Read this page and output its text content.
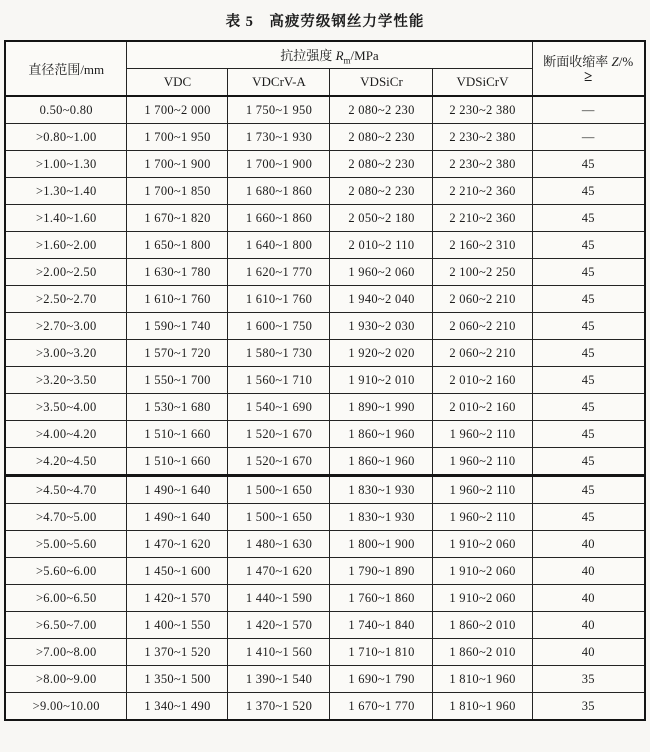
表 5　高疲劳级钢丝力学性能
直径范围/mm	抗拉强度 $R_m$/MPa				断面收缩率 Z/%
≥

	VDC	VDCrV-A	VDSiCr	VDSiCrV	
0.50~0.80	1 700~2 000	1 750~1 950	2 080~2 230	2 230~2 380	—
>0.80~1.00	1 700~1 950	1 730~1 930	2 080~2 230	2 230~2 380	—
>1.00~1.30	1 700~1 900	1 700~1 900	2 080~2 230	2 230~2 380	45
>1.30~1.40	1 700~1 850	1 680~1 860	2 080~2 230	2 210~2 360	45
>1.40~1.60	1 670~1 820	1 660~1 860	2 050~2 180	2 210~2 360	45
>1.60~2.00	1 650~1 800	1 640~1 800	2 010~2 110	2 160~2 310	45
>2.00~2.50	1 630~1 780	1 620~1 770	1 960~2 060	2 100~2 250	45
>2.50~2.70	1 610~1 760	1 610~1 760	1 940~2 040	2 060~2 210	45
>2.70~3.00	1 590~1 740	1 600~1 750	1 930~2 030	2 060~2 210	45
>3.00~3.20	1 570~1 720	1 580~1 730	1 920~2 020	2 060~2 210	45
>3.20~3.50	1 550~1 700	1 560~1 710	1 910~2 010	2 010~2 160	45
>3.50~4.00	1 530~1 680	1 540~1 690	1 890~1 990	2 010~2 160	45
>4.00~4.20	1 510~1 660	1 520~1 670	1 860~1 960	1 960~2 110	45
>4.20~4.50	1 510~1 660	1 520~1 670	1 860~1 960	1 960~2 110	45
>4.50~4.70	1 490~1 640	1 500~1 650	1 830~1 930	1 960~2 110	45
>4.70~5.00	1 490~1 640	1 500~1 650	1 830~1 930	1 960~2 110	45
>5.00~5.60	1 470~1 620	1 480~1 630	1 800~1 900	1 910~2 060	40
>5.60~6.00	1 450~1 600	1 470~1 620	1 790~1 890	1 910~2 060	40
>6.00~6.50	1 420~1 570	1 440~1 590	1 760~1 860	1 910~2 060	40
>6.50~7.00	1 400~1 550	1 420~1 570	1 740~1 840	1 860~2 010	40
>7.00~8.00	1 370~1 520	1 410~1 560	1 710~1 810	1 860~2 010	40
>8.00~9.00	1 350~1 500	1 390~1 540	1 690~1 790	1 810~1 960	35
>9.00~10.00	1 340~1 490	1 370~1 520	1 670~1 770	1 810~1 960	35
